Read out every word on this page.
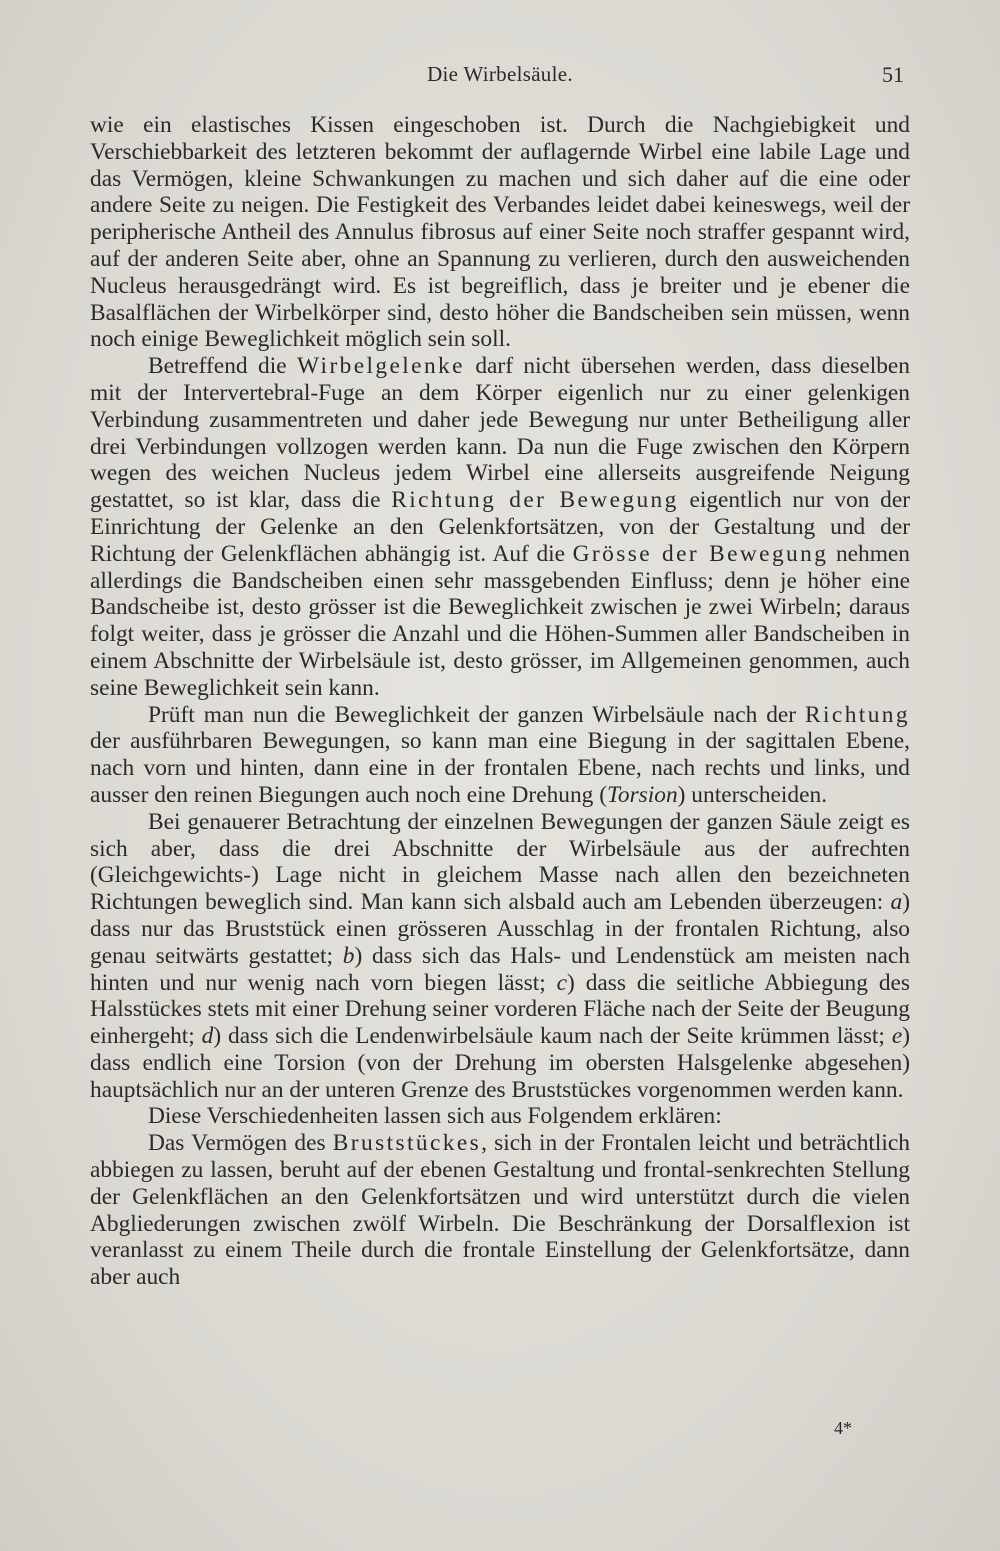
Die Wirbelsäule.	51

wie ein elastisches Kissen eingeschoben ist. Durch die Nachgiebigkeit und Verschiebbarkeit des letzteren bekommt der auflagernde Wirbel eine labile Lage und das Vermögen, kleine Schwankungen zu machen und sich daher auf die eine oder andere Seite zu neigen. Die Festigkeit des Verbandes leidet dabei keineswegs, weil der peripherische Antheil des Annulus fibrosus auf einer Seite noch straffer gespannt wird, auf der anderen Seite aber, ohne an Spannung zu verlieren, durch den ausweichenden Nucleus herausgedrängt wird. Es ist begreiflich, dass je breiter und je ebener die Basalflächen der Wirbelkörper sind, desto höher die Bandscheiben sein müssen, wenn noch einige Beweglichkeit möglich sein soll.

Betreffend die Wirbelgelenke darf nicht übersehen werden, dass dieselben mit der Intervertebral-Fuge an dem Körper eigenlich nur zu einer gelenkigen Verbindung zusammentreten und daher jede Bewegung nur unter Betheiligung aller drei Verbindungen vollzogen werden kann. Da nun die Fuge zwischen den Körpern wegen des weichen Nucleus jedem Wirbel eine allerseits ausgreifende Neigung gestattet, so ist klar, dass die Richtung der Bewegung eigentlich nur von der Einrichtung der Gelenke an den Gelenkfortsätzen, von der Gestaltung und der Richtung der Gelenkflächen abhängig ist. Auf die Grösse der Bewegung nehmen allerdings die Bandscheiben einen sehr massgebenden Einfluss; denn je höher eine Bandscheibe ist, desto grösser ist die Beweglichkeit zwischen je zwei Wirbeln; daraus folgt weiter, dass je grösser die Anzahl und die Höhen-Summen aller Bandscheiben in einem Abschnitte der Wirbelsäule ist, desto grösser, im Allgemeinen genommen, auch seine Beweglichkeit sein kann.

Prüft man nun die Beweglichkeit der ganzen Wirbelsäule nach der Richtung der ausführbaren Bewegungen, so kann man eine Biegung in der sagittalen Ebene, nach vorn und hinten, dann eine in der frontalen Ebene, nach rechts und links, und ausser den reinen Biegungen auch noch eine Drehung (Torsion) unterscheiden.

Bei genauerer Betrachtung der einzelnen Bewegungen der ganzen Säule zeigt es sich aber, dass die drei Abschnitte der Wirbelsäule aus der aufrechten (Gleichgewichts-) Lage nicht in gleichem Masse nach allen den bezeichneten Richtungen beweglich sind. Man kann sich alsbald auch am Lebenden überzeugen: a) dass nur das Bruststück einen grösseren Ausschlag in der frontalen Richtung, also genau seitwärts gestattet; b) dass sich das Hals- und Lendenstück am meisten nach hinten und nur wenig nach vorn biegen lässt; c) dass die seitliche Abbiegung des Halsstückes stets mit einer Drehung seiner vorderen Fläche nach der Seite der Beugung einhergeht; d) dass sich die Lendenwirbelsäule kaum nach der Seite krümmen lässt; e) dass endlich eine Torsion (von der Drehung im obersten Halsgelenke abgesehen) hauptsächlich nur an der unteren Grenze des Bruststückes vorgenommen werden kann.

Diese Verschiedenheiten lassen sich aus Folgendem erklären:

Das Vermögen des Bruststückes, sich in der Frontalen leicht und beträchtlich abbiegen zu lassen, beruht auf der ebenen Gestaltung und frontal-senkrechten Stellung der Gelenkflächen an den Gelenkfortsätzen und wird unterstützt durch die vielen Abgliederungen zwischen zwölf Wirbeln. Die Beschränkung der Dorsalflexion ist veranlasst zu einem Theile durch die frontale Einstellung der Gelenkfortsätze, dann aber auch

4*
